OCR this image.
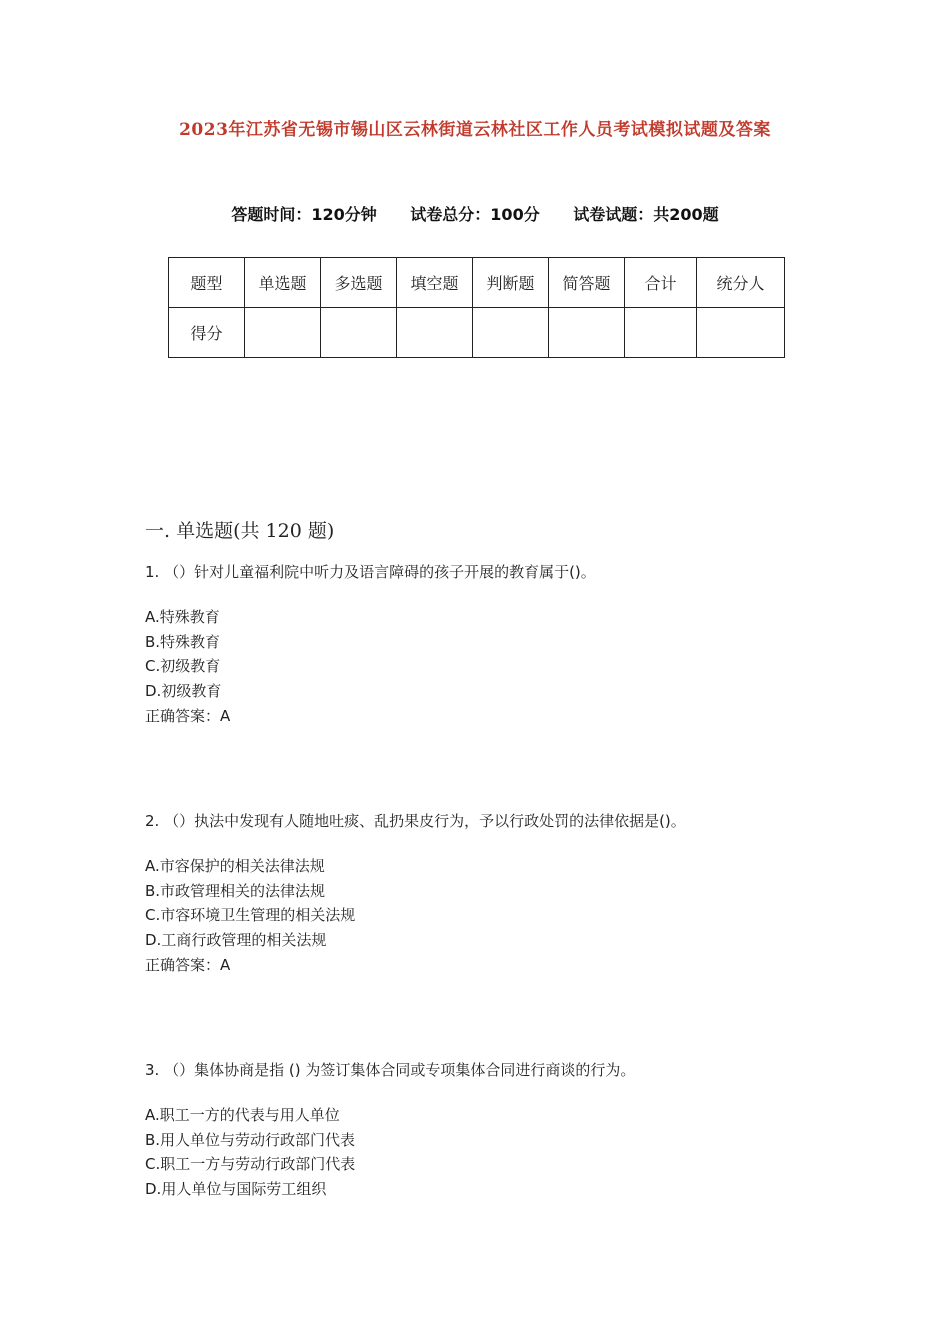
2023年江苏省无锡市锡山区云林街道云林社区工作人员考试模拟试题及答案
答题时间：120分钟 试卷总分：100分 试卷试题：共200题
题型	单选题	多选题	填空题	判断题	简答题	合计	统分人
得分							
一. 单选题(共 120 题)

1. （）针对儿童福利院中听力及语言障碍的孩子开展的教育属于()。

A.特殊教育

B.特殊教育

C.初级教育

D.初级教育

正确答案：A

2. （）执法中发现有人随地吐痰、乱扔果皮行为，予以行政处罚的法律依据是()。

A.市容保护的相关法律法规

B.市政管理相关的法律法规

C.市容环境卫生管理的相关法规

D.工商行政管理的相关法规

正确答案：A

3. （）集体协商是指 () 为签订集体合同或专项集体合同进行商谈的行为。

A.职工一方的代表与用人单位

B.用人单位与劳动行政部门代表

C.职工一方与劳动行政部门代表

D.用人单位与国际劳工组织
